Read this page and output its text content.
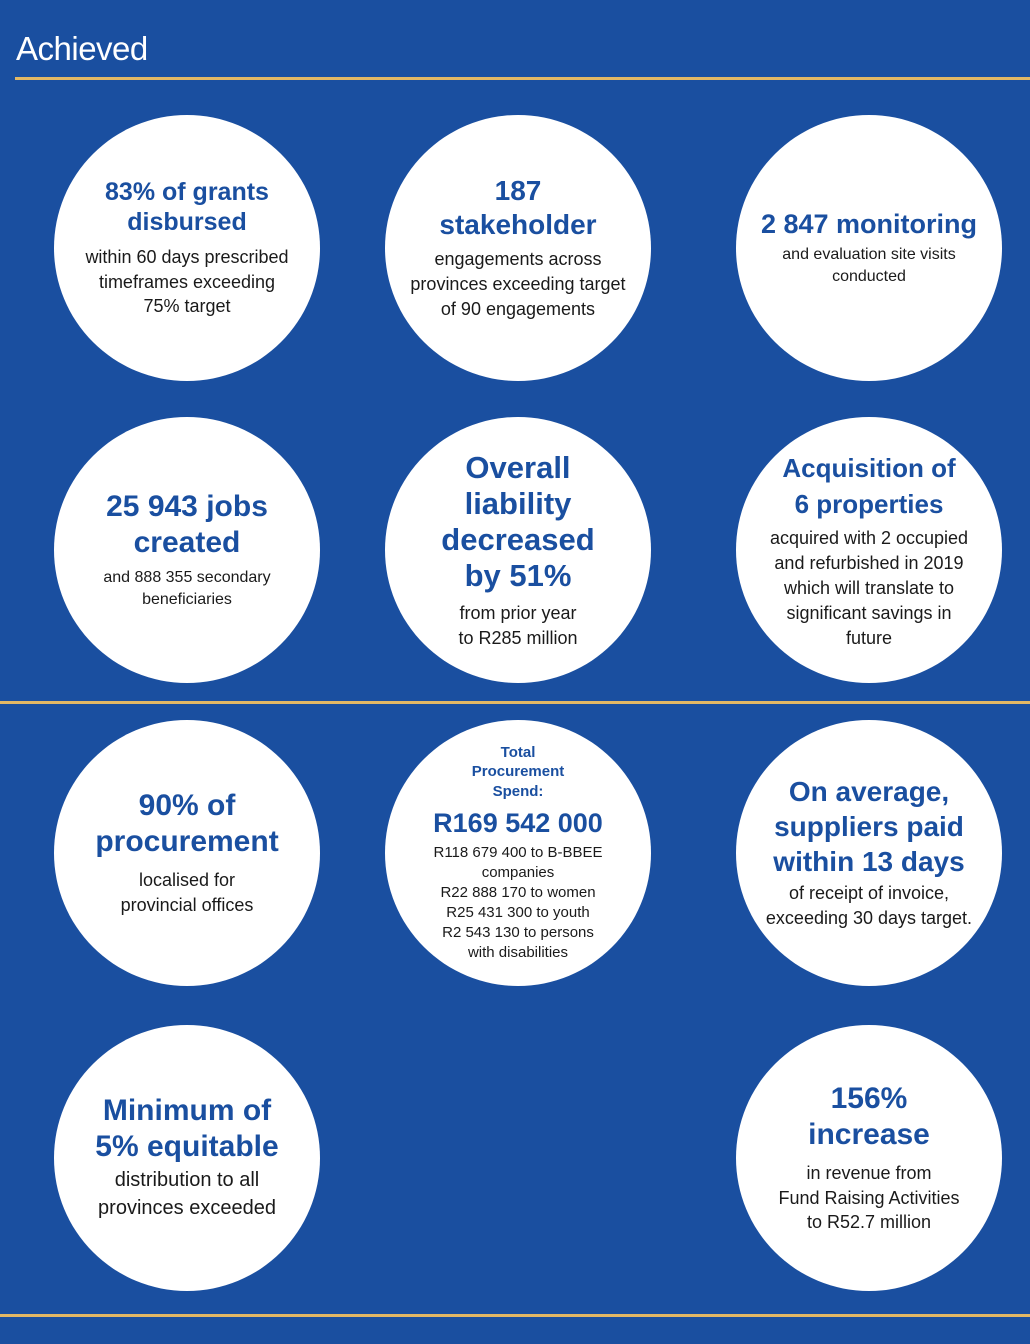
Achieved
83% of grants
disbursed
within 60 days prescribed
timeframes exceeding
75% target
187
stakeholder
engagements across
provinces exceeding target
of 90 engagements
2 847 monitoring
and evaluation site visits
conducted
25 943 jobs
created
and 888 355 secondary
beneficiaries
Overall
liability
decreased
by 51%
from prior year
to R285 million
Acquisition of
6 properties
acquired with 2 occupied
and refurbished in 2019
which will translate to
significant savings in
future
90% of
procurement
localised for
provincial offices
Total
Procurement
Spend:
R169 542 000
R118 679 400 to B-BBEE
companies
R22 888 170 to women
R25 431 300 to youth
R2 543 130 to persons
with disabilities
On average,
suppliers paid
within 13 days
of receipt of invoice,
exceeding 30 days target.
Minimum of
5% equitable
distribution to all
provinces exceeded
156%
increase
in revenue from
Fund Raising Activities
to R52.7 million
